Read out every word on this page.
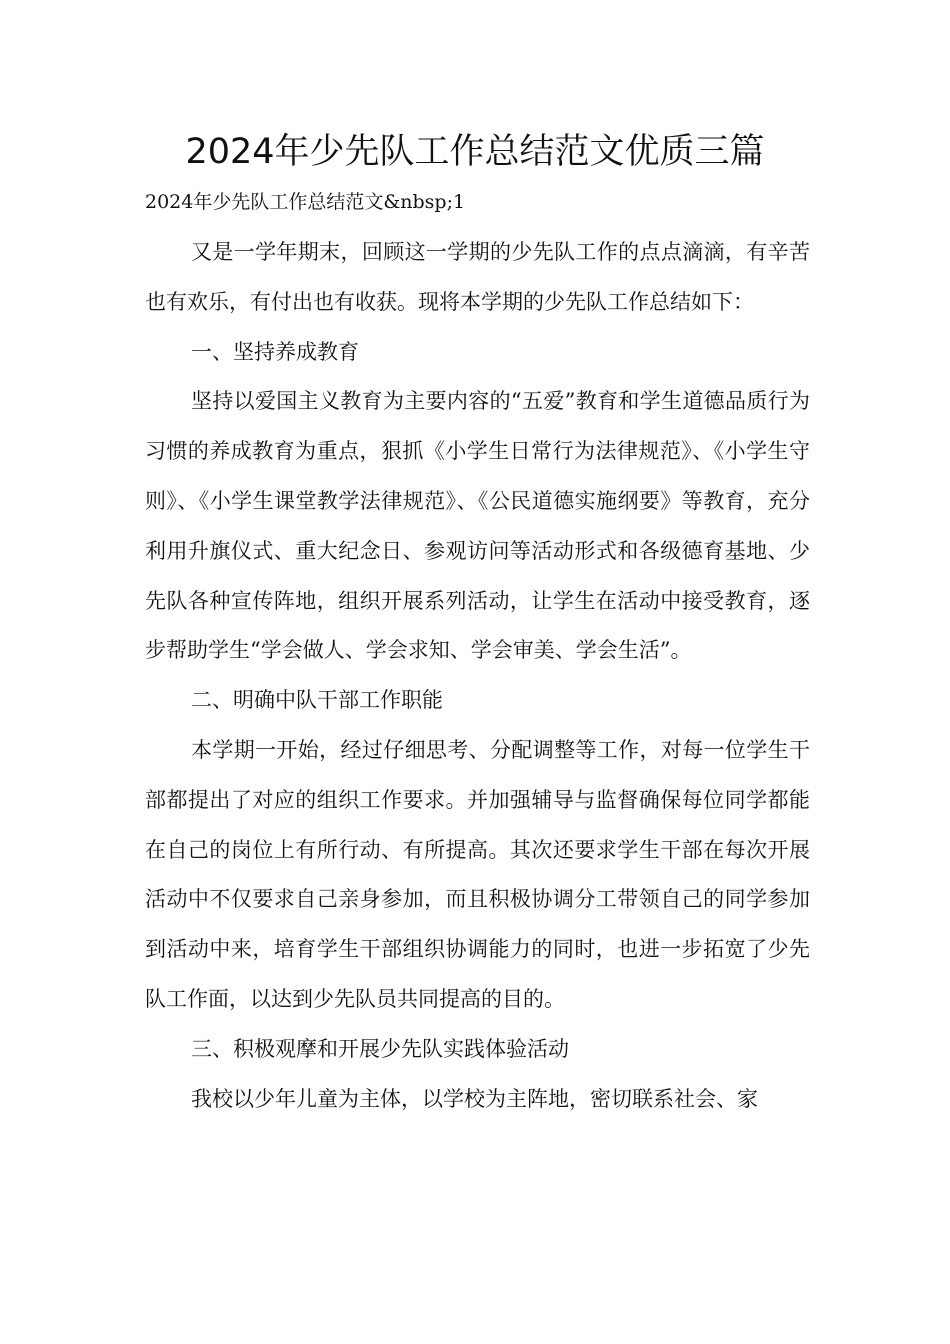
2024年少先队工作总结范文优质三篇

2024年少先队工作总结范文&nbsp;1

又是一学年期末，回顾这一学期的少先队工作的点点滴滴，有辛苦也有欢乐，有付出也有收获。现将本学期的少先队工作总结如下：

一、坚持养成教育

坚持以爱国主义教育为主要内容的“五爱”教育和学生道德品质行为习惯的养成教育为重点，狠抓《小学生日常行为法律规范》、《小学生守则》、《小学生课堂教学法律规范》、《公民道德实施纲要》等教育，充分利用升旗仪式、重大纪念日、参观访问等活动形式和各级德育基地、少先队各种宣传阵地，组织开展系列活动，让学生在活动中接受教育，逐步帮助学生“学会做人、学会求知、学会审美、学会生活”。

二、明确中队干部工作职能

本学期一开始，经过仔细思考、分配调整等工作，对每一位学生干部都提出了对应的组织工作要求。并加强辅导与监督确保每位同学都能在自己的岗位上有所行动、有所提高。其次还要求学生干部在每次开展活动中不仅要求自己亲身参加，而且积极协调分工带领自己的同学参加到活动中来，培育学生干部组织协调能力的同时，也进一步拓宽了少先队工作面，以达到少先队员共同提高的目的。

三、积极观摩和开展少先队实践体验活动

我校以少年儿童为主体，以学校为主阵地，密切联系社会、家
